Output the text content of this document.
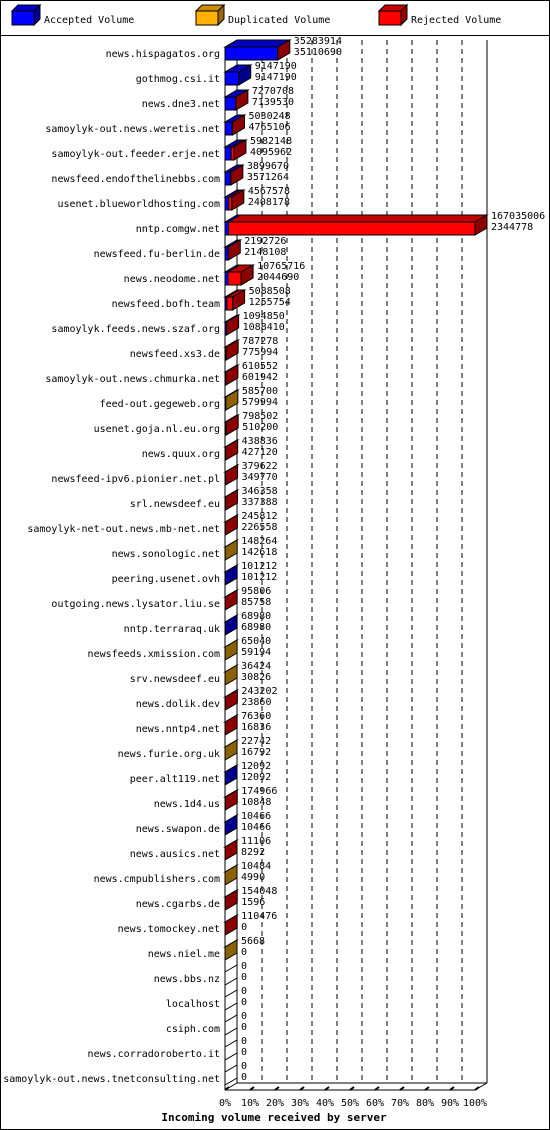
Accepted Volume	Duplicated Volume	Rejected Volume
news.hispagatos.org
gothmog.csi.it
news.dne3.net
samoylyk-out.news.weretis.net
samoylyk-out.feeder.erje.net
newsfeed.endofthelinebbs.com
usenet.blueworldhosting.com
nntp.comgw.net
newsfeed.fu-berlin.de
news.neodome.net
newsfeed.bofh.team
samoylyk.feeds.news.szaf.org
newsfeed.xs3.de
samoylyk-out.news.chmurka.net
feed-out.gegeweb.org
usenet.goja.nl.eu.org
news.quux.org
newsfeed-ipv6.pionier.net.pl
srl.newsdeef.eu
samoylyk-net-out.news.mb-net.net
news.sonologic.net
peering.usenet.ovh
outgoing.news.lysator.liu.se
nntp.terraraq.uk
newsfeeds.xmission.com
srv.newsdeef.eu
news.dolik.dev
news.nntp4.net
news.furie.org.uk
peer.alt119.net
news.1d4.us
news.swapon.de
news.ausics.net
news.cmpublishers.com
news.cgarbs.de
news.tomockey.net
news.niel.me
news.bbs.nz
localhost
csiph.com
news.corradoroberto.it
samoylyk-out.news.tnetconsulting.net
35283914
35110690
9147190
9147190
7270708
7139530
5030248
4765106
5982148
4095962
3899670
3571264
4567578
2408178
167035006
2344778
2192726
2148108
10765716
2044690
5088508
1255754
1094850
1088410
787278
775994
610552
601942
585700
579994
798502
510200
438836
427120
379622
349770
346358
337388
245812
226558
148264
142618
101212
101212
95806
85758
68980
68980
65040
59194
36424
30826
243202
23860
76360
16836
22742
16792
12092
12092
174966
10848
10466
10466
11106
8292
10484
4990
154048
1596
110476
0
5668
0
0
0
0
0
0
0
0
0
0
0
0% 10% 20% 30% 40% 50% 60% 70% 80% 90% 100%
Incoming volume received by server
